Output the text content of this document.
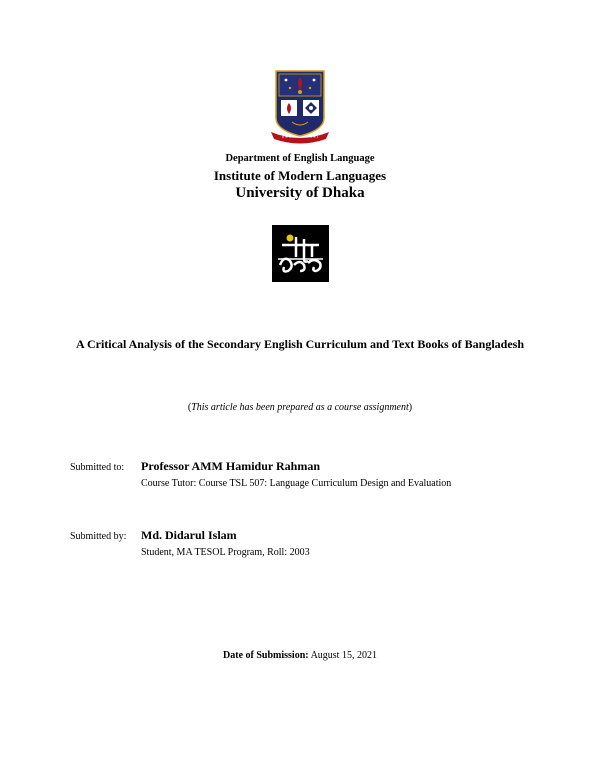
Department of English Language
Institute of Modern Languages
University of Dhaka
A Critical Analysis of the Secondary English Curriculum and Text Books of Bangladesh
(This article has been prepared as a course assignment)
Submitted to: Professor AMM Hamidur Rahman
Course Tutor: Course TSL 507: Language Curriculum Design and Evaluation
Submitted by: Md. Didarul Islam
Student, MA TESOL Program, Roll: 2003
Date of Submission: August 15, 2021
